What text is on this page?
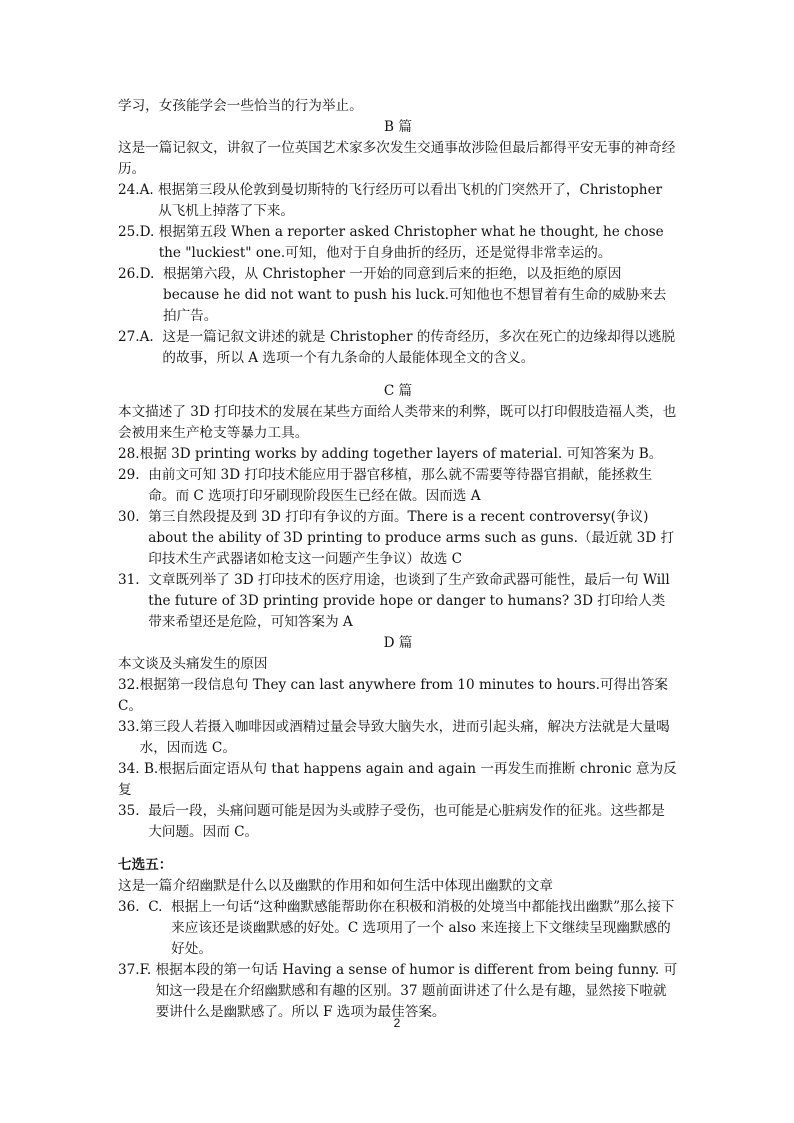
学习，女孩能学会一些恰当的行为举止。

B 篇

这是一篇记叙文，讲叙了一位英国艺术家多次发生交通事故涉险但最后都得平安无事的神奇经历。

24.A. 根据第三段从伦敦到曼切斯特的飞行经历可以看出飞机的门突然开了，Christopher 从飞机上掉落了下来。
25.D. 根据第五段 When a reporter asked Christopher what he thought, he chose the "luckiest" one.可知，他对于自身曲折的经历，还是觉得非常幸运的。
26.D. 根据第六段，从 Christopher 一开始的同意到后来的拒绝，以及拒绝的原因 because he did not want to push his luck.可知他也不想冒着有生命的威胁来去拍广告。
27.A. 这是一篇记叙文讲述的就是 Christopher 的传奇经历，多次在死亡的边缘却得以逃脱的故事，所以 A 选项一个有九条命的人最能体现全文的含义。

C 篇

本文描述了 3D 打印技术的发展在某些方面给人类带来的利弊，既可以打印假肢造福人类，也会被用来生产枪支等暴力工具。

28.根据 3D printing works by adding together layers of material. 可知答案为 B。

29. 由前文可知 3D 打印技术能应用于器官移植，那么就不需要等待器官捐献，能拯救生命。而 C 选项打印牙刷现阶段医生已经在做。因而选 A
30. 第三自然段提及到 3D 打印有争议的方面。There is a recent controversy(争议) about the ability of 3D printing to produce arms such as guns.（最近就 3D 打印技术生产武器诸如枪支这一问题产生争议）故选 C
31. 文章既列举了 3D 打印技术的医疗用途，也谈到了生产致命武器可能性，最后一句 Will the future of 3D printing provide hope or danger to humans? 3D 打印给人类带来希望还是危险，可知答案为 A

D 篇

本文谈及头痛发生的原因

32.根据第一段信息句 They can last anywhere from 10 minutes to hours.可得出答案 C。

33. 第三段人若摄入咖啡因或酒精过量会导致大脑失水，进而引起头痛，解决方法就是大量喝水，因而选 C。

34. B.根据后面定语从句 that happens again and again 一再发生而推断 chronic 意为反复

35. 最后一段，头痛问题可能是因为头或脖子受伤，也可能是心脏病发作的征兆。这些都是大问题。因而 C。

七选五：

这是一篇介绍幽默是什么以及幽默的作用和如何生活中体现出幽默的文章

36.  C. 根据上一句话“这种幽默感能帮助你在积极和消极的处境当中都能找出幽默”那么接下来应该还是谈幽默感的好处。C 选项用了一个 also 来连接上下文继续呈现幽默感的好处。
37.F. 根据本段的第一句话 Having a sense of humor is different from being funny. 可知这一段是在介绍幽默感和有趣的区别。37 题前面讲述了什么是有趣，显然接下啦就要讲什么是幽默感了。所以 F 选项为最佳答案。
2
